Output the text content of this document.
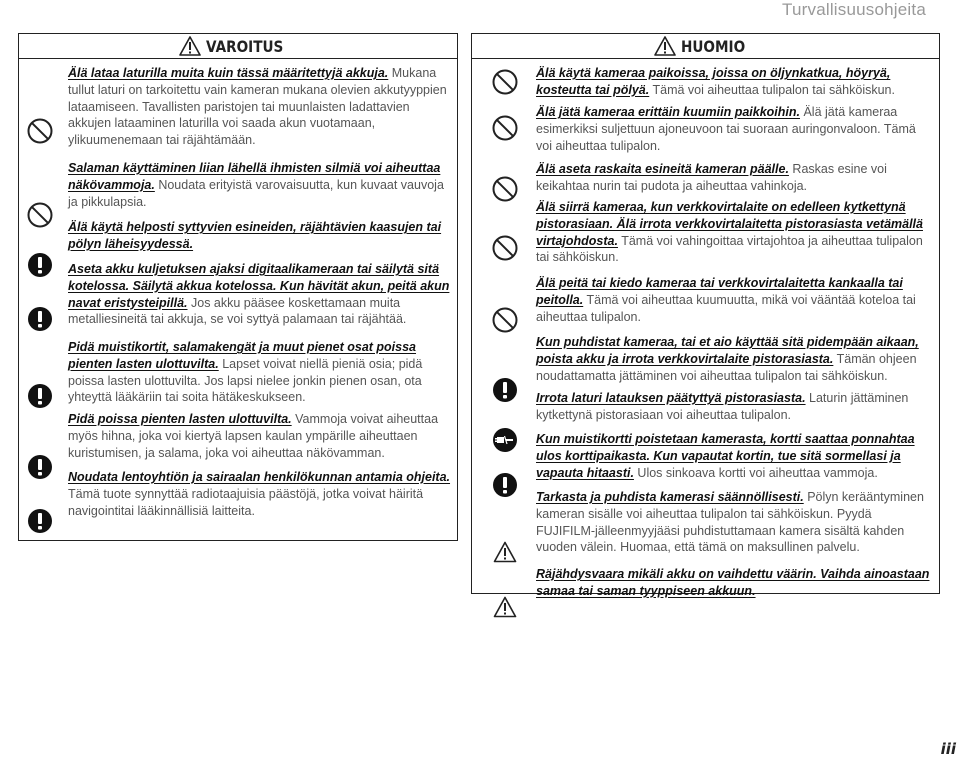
Turvallisuusohjeita
VAROITUS
Älä lataa laturilla muita kuin tässä määritettyjä akkuja. Mukana tullut laturi on tarkoitettu vain kameran mukana olevien akkutyyppien lataamiseen. Tavallisten paristojen tai muunlaisten ladattavien akkujen lataaminen laturilla voi saada akun vuotamaan, ylikuumenemaan tai räjähtämään.
Salaman käyttäminen liian lähellä ihmisten silmiä voi aiheuttaa näkövammoja. Noudata erityistä varovaisuutta, kun kuvaat vauvoja ja pikkulapsia.
Älä käytä helposti syttyvien esineiden, räjähtävien kaasujen tai pölyn läheisyydessä.
Aseta akku kuljetuksen ajaksi digitaalikameraan tai säilytä sitä kotelossa. Säilytä akkua kotelossa. Kun hävität akun, peitä akun navat eristysteipillä. Jos akku pääsee koskettamaan muita metalliesineitä tai akkuja, se voi syttyä palamaan tai räjähtää.
Pidä muistikortit, salamakengät ja muut pienet osat poissa pienten lasten ulottuvilta. Lapset voivat niellä pieniä osia; pidä poissa lasten ulottuvilta. Jos lapsi nielee jonkin pienen osan, ota yhteyttä lääkäriin tai soita hätäkeskukseen.
Pidä poissa pienten lasten ulottuvilta. Vammoja voivat aiheuttaa myös hihna, joka voi kiertyä lapsen kaulan ympärille aiheuttaen kuristumisen, ja salama, joka voi aiheuttaa näkövamman.
Noudata lentoyhtiön ja sairaalan henkilökunnan antamia ohjeita. Tämä tuote synnyttää radiotaajuisia päästöjä, jotka voivat häiritä navigointitai lääkinnällisiä laitteita.
HUOMIO
Älä käytä kameraa paikoissa, joissa on öljynkatkua, höyryä, kosteutta tai pölyä. Tämä voi aiheuttaa tulipalon tai sähköiskun.
Älä jätä kameraa erittäin kuumiin paikkoihin. Älä jätä kameraa esimerkiksi suljettuun ajoneuvoon tai suoraan auringonvaloon. Tämä voi aiheuttaa tulipalon.
Älä aseta raskaita esineitä kameran päälle. Raskas esine voi keikahtaa nurin tai pudota ja aiheuttaa vahinkoja.
Älä siirrä kameraa, kun verkkovirtalaite on edelleen kytkettynä pistorasiaan. Älä irrota verkkovirtalaitetta pistorasiasta vetämällä virtajohdosta. Tämä voi vahingoittaa virtajohtoa ja aiheuttaa tulipalon tai sähköiskun.
Älä peitä tai kiedo kameraa tai verkkovirtalaitetta kankaalla tai peitolla. Tämä voi aiheuttaa kuumuutta, mikä voi vääntää koteloa tai aiheuttaa tulipalon.
Kun puhdistat kameraa, tai et aio käyttää sitä pidempään aikaan, poista akku ja irrota verkkovirtalaite pistorasiasta. Tämän ohjeen noudattamatta jättäminen voi aiheuttaa tulipalon tai sähköiskun.
Irrota laturi latauksen päätyttyä pistorasiasta. Laturin jättäminen kytkettynä pistorasiaan voi aiheuttaa tulipalon.
Kun muistikortti poistetaan kamerasta, kortti saattaa ponnahtaa ulos korttipaikasta. Kun vapautat kortin, tue sitä sormellasi ja vapauta hitaasti. Ulos sinkoava kortti voi aiheuttaa vammoja.
Tarkasta ja puhdista kamerasi säännöllisesti. Pölyn kerääntyminen kameran sisälle voi aiheuttaa tulipalon tai sähköiskun. Pyydä FUJIFILM-jälleenmyyjääsi puhdistuttamaan kamera sisältä kahden vuoden välein. Huomaa, että tämä on maksullinen palvelu.
Räjähdysvaara mikäli akku on vaihdettu väärin. Vaihda ainoastaan samaa tai saman tyyppiseen akkuun.
iii
